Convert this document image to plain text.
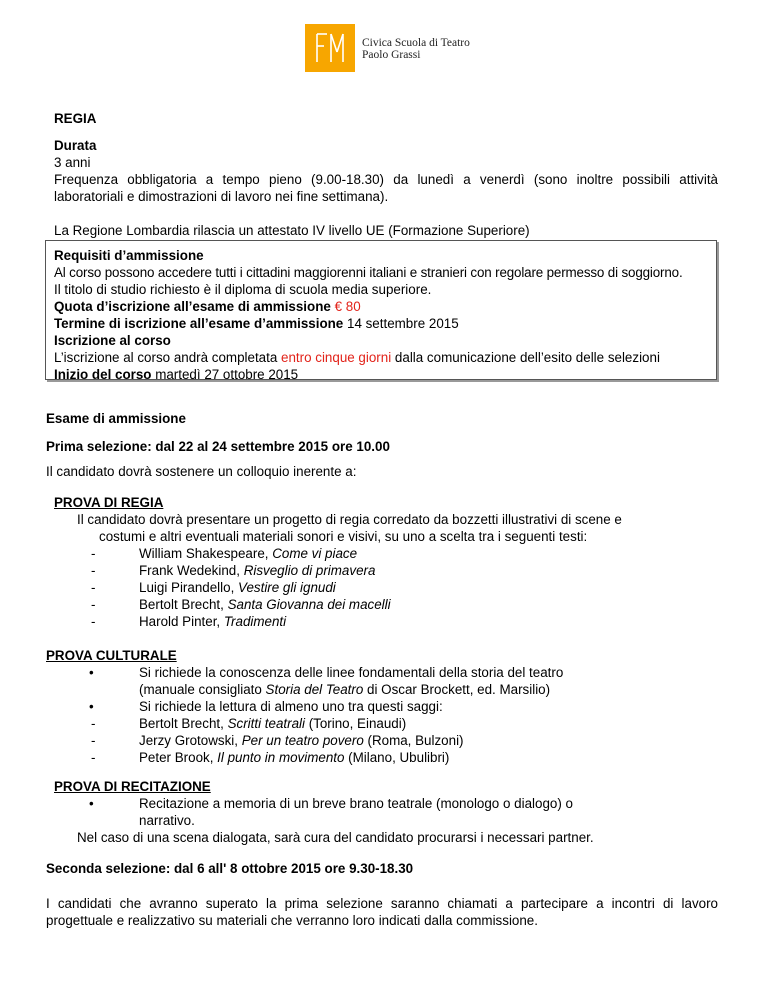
Civica Scuola di Teatro
Paolo Grassi
REGIA
Durata
3 anni
Frequenza obbligatoria a tempo pieno (9.00-18.30) da lunedì a venerdì (sono inoltre possibili attività laboratoriali e dimostrazioni di lavoro nei fine settimana).
La Regione Lombardia rilascia un attestato IV livello UE (Formazione Superiore)
Requisiti d’ammissione
Al corso possono accedere tutti i cittadini maggiorenni italiani e stranieri con regolare permesso di soggiorno.
Il titolo di studio richiesto è il diploma di scuola media superiore.
Quota d’iscrizione all’esame di ammissione € 80
Termine di iscrizione all’esame d’ammissione 14 settembre 2015
Iscrizione al corso
L’iscrizione al corso andrà completata entro cinque giorni dalla comunicazione dell’esito delle selezioni
Inizio del corso martedì 27 ottobre 2015
Esame di ammissione
Prima selezione: dal 22 al 24 settembre 2015 ore 10.00
Il candidato dovrà sostenere un colloquio inerente a:
PROVA DI REGIA
Il candidato dovrà presentare un progetto di regia corredato da bozzetti illustrativi di scene e
costumi e altri eventuali materiali sonori e visivi, su uno a scelta tra i seguenti testi:
-	William Shakespeare, Come vi piace
-	Frank Wedekind, Risveglio di primavera
-	Luigi Pirandello, Vestire gli ignudi
-	Bertolt Brecht, Santa Giovanna dei macelli
-	Harold Pinter, Tradimenti
PROVA CULTURALE
•	Si richiede la conoscenza delle linee fondamentali della storia del teatro
(manuale consigliato Storia del Teatro di Oscar Brockett, ed. Marsilio)
•	Si richiede la lettura di almeno uno tra questi saggi:
-	Bertolt Brecht, Scritti teatrali (Torino, Einaudi)
-	Jerzy Grotowski, Per un teatro povero (Roma, Bulzoni)
-	Peter Brook, Il punto in movimento (Milano, Ubulibri)
PROVA DI RECITAZIONE
•	Recitazione a memoria di un breve brano teatrale (monologo o dialogo) o
narrativo.
Nel caso di una scena dialogata, sarà cura del candidato procurarsi i necessari partner.
Seconda selezione: dal 6 all' 8 ottobre 2015 ore 9.30-18.30
I candidati che avranno superato la prima selezione saranno chiamati a partecipare a incontri di lavoro progettuale e realizzativo su materiali che verranno loro indicati dalla commissione.
